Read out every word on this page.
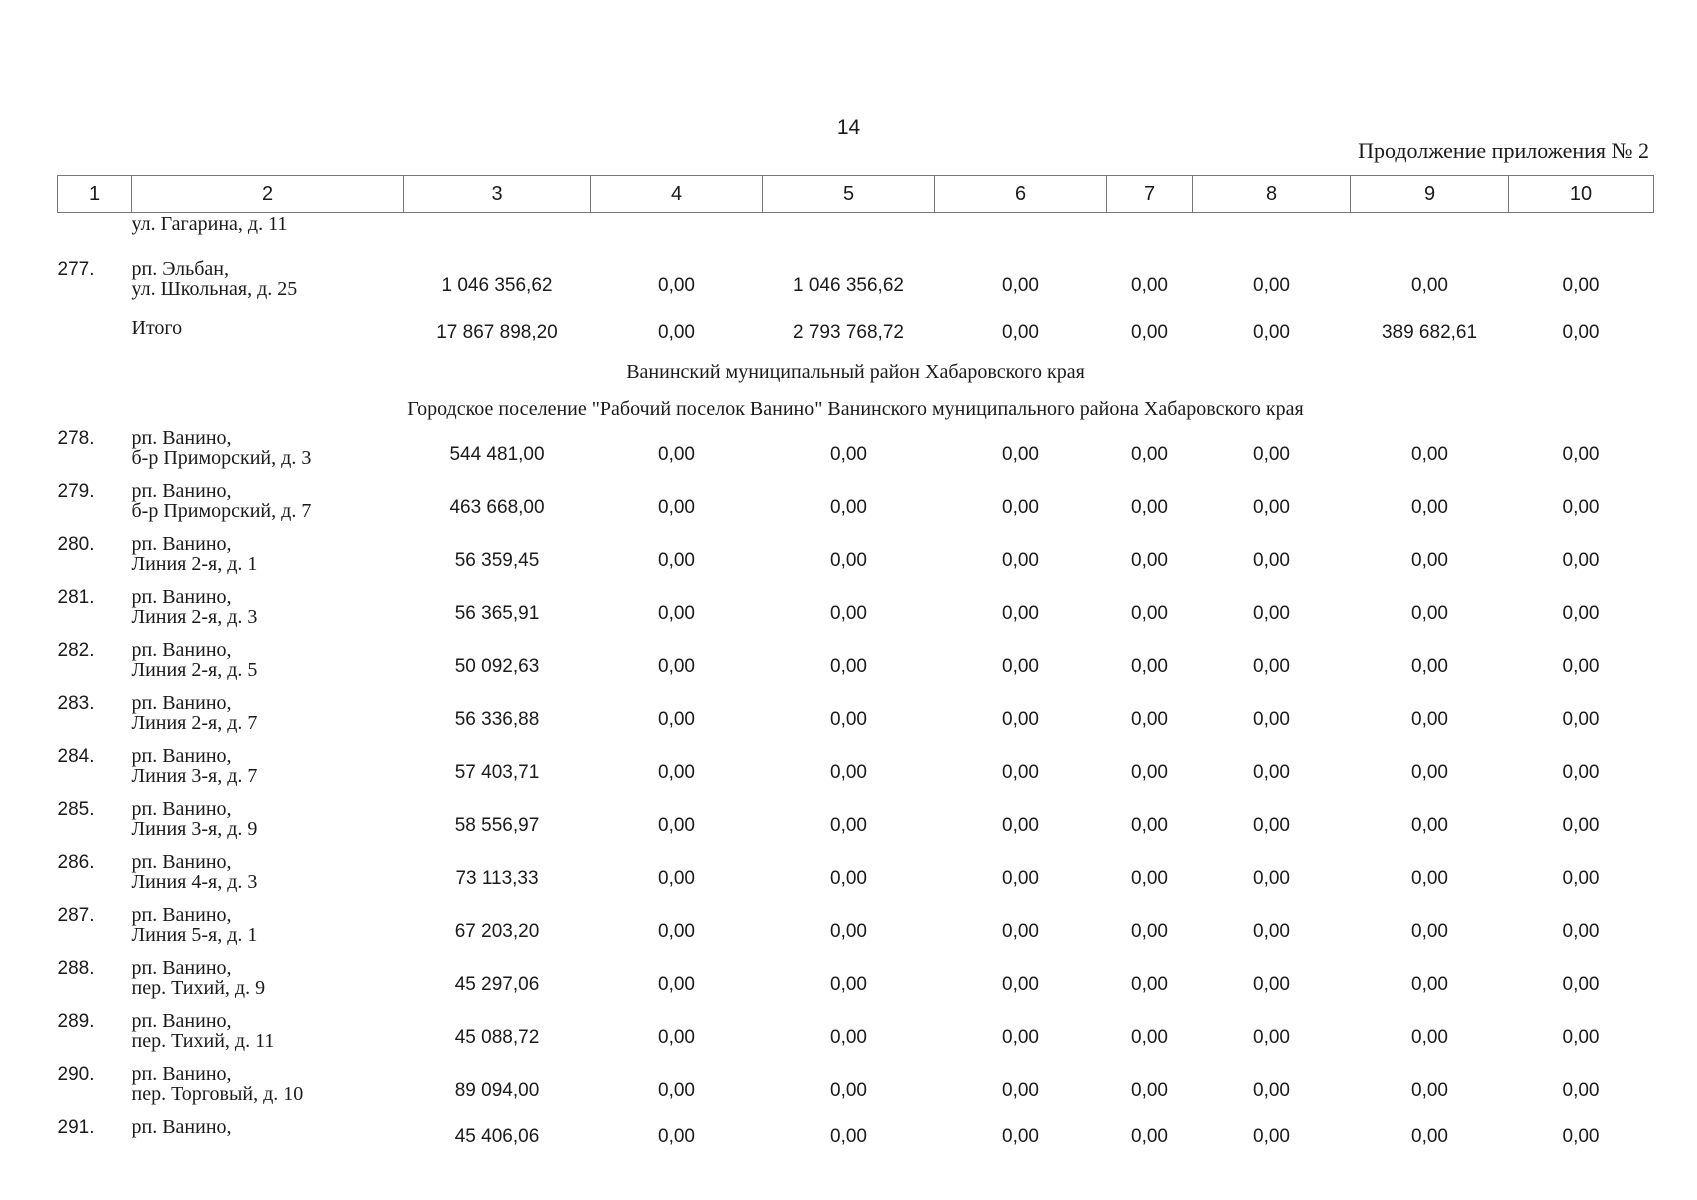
14
Продолжение приложения № 2
1	2	3	4	5	6	7	8	9	10

	ул. Гагарина, д. 11								

277.	рп. Эльбан,
ул. Школьная, д. 25	1 046 356,62	0,00	1 046 356,62	0,00	0,00	0,00	0,00	0,00
	Итого	17 867 898,20	0,00	2 793 768,72	0,00	0,00	0,00	389 682,61	0,00
Ванинский муниципальный район Хабаровского края									
Городское поселение "Рабочий поселок Ванино" Ванинского муниципального района Хабаровского края									
278.	рп. Ванино,
б-р Приморский, д. 3	544 481,00	0,00	0,00	0,00	0,00	0,00	0,00	0,00
279.	рп. Ванино,
б-р Приморский, д. 7	463 668,00	0,00	0,00	0,00	0,00	0,00	0,00	0,00
280.	рп. Ванино,
Линия 2-я, д. 1	56 359,45	0,00	0,00	0,00	0,00	0,00	0,00	0,00
281.	рп. Ванино,
Линия 2-я, д. 3	56 365,91	0,00	0,00	0,00	0,00	0,00	0,00	0,00
282.	рп. Ванино,
Линия 2-я, д. 5	50 092,63	0,00	0,00	0,00	0,00	0,00	0,00	0,00
283.	рп. Ванино,
Линия 2-я, д. 7	56 336,88	0,00	0,00	0,00	0,00	0,00	0,00	0,00
284.	рп. Ванино,
Линия 3-я, д. 7	57 403,71	0,00	0,00	0,00	0,00	0,00	0,00	0,00
285.	рп. Ванино,
Линия 3-я, д. 9	58 556,97	0,00	0,00	0,00	0,00	0,00	0,00	0,00
286.	рп. Ванино,
Линия 4-я, д. 3	73 113,33	0,00	0,00	0,00	0,00	0,00	0,00	0,00
287.	рп. Ванино,
Линия 5-я, д. 1	67 203,20	0,00	0,00	0,00	0,00	0,00	0,00	0,00
288.	рп. Ванино,
пер. Тихий, д. 9	45 297,06	0,00	0,00	0,00	0,00	0,00	0,00	0,00
289.	рп. Ванино,
пер. Тихий, д. 11	45 088,72	0,00	0,00	0,00	0,00	0,00	0,00	0,00
290.	рп. Ванино,
пер. Торговый, д. 10	89 094,00	0,00	0,00	0,00	0,00	0,00	0,00	0,00
291.	рп. Ванино,	45 406,06	0,00	0,00	0,00	0,00	0,00	0,00	0,00
